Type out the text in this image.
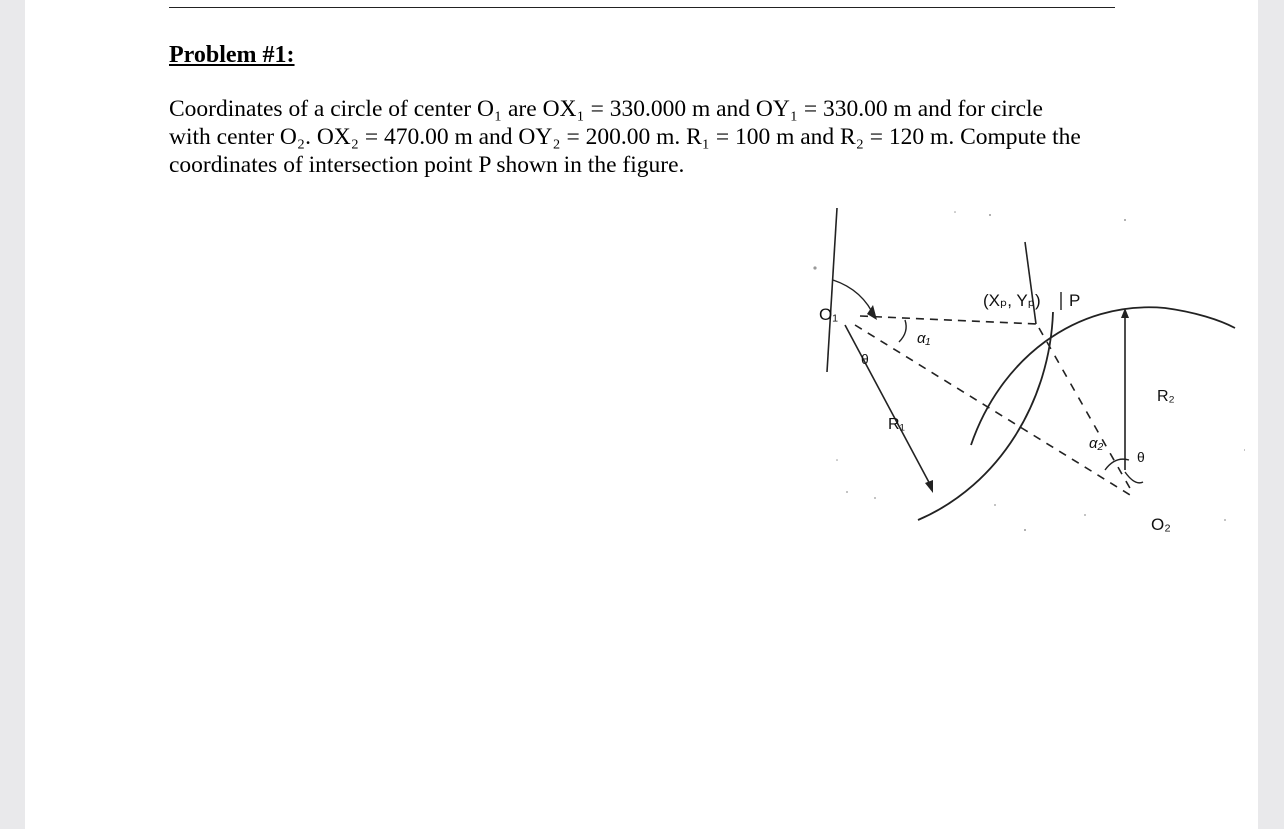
Problem #1:

Coordinates of a circle of center O₁ are OX₁ = 330.000 m and OY₁ = 330.00 m and for circle
with center O₂. OX₂ = 470.00 m and OY₂ = 200.00 m. R₁ = 100 m and R₂ = 120 m. Compute the
coordinates of intersection point P shown in the figure.

O₁
θ
α₁
(Xₚ, Yₚ) P
R₁
R₂
α₂
θ
O₂
